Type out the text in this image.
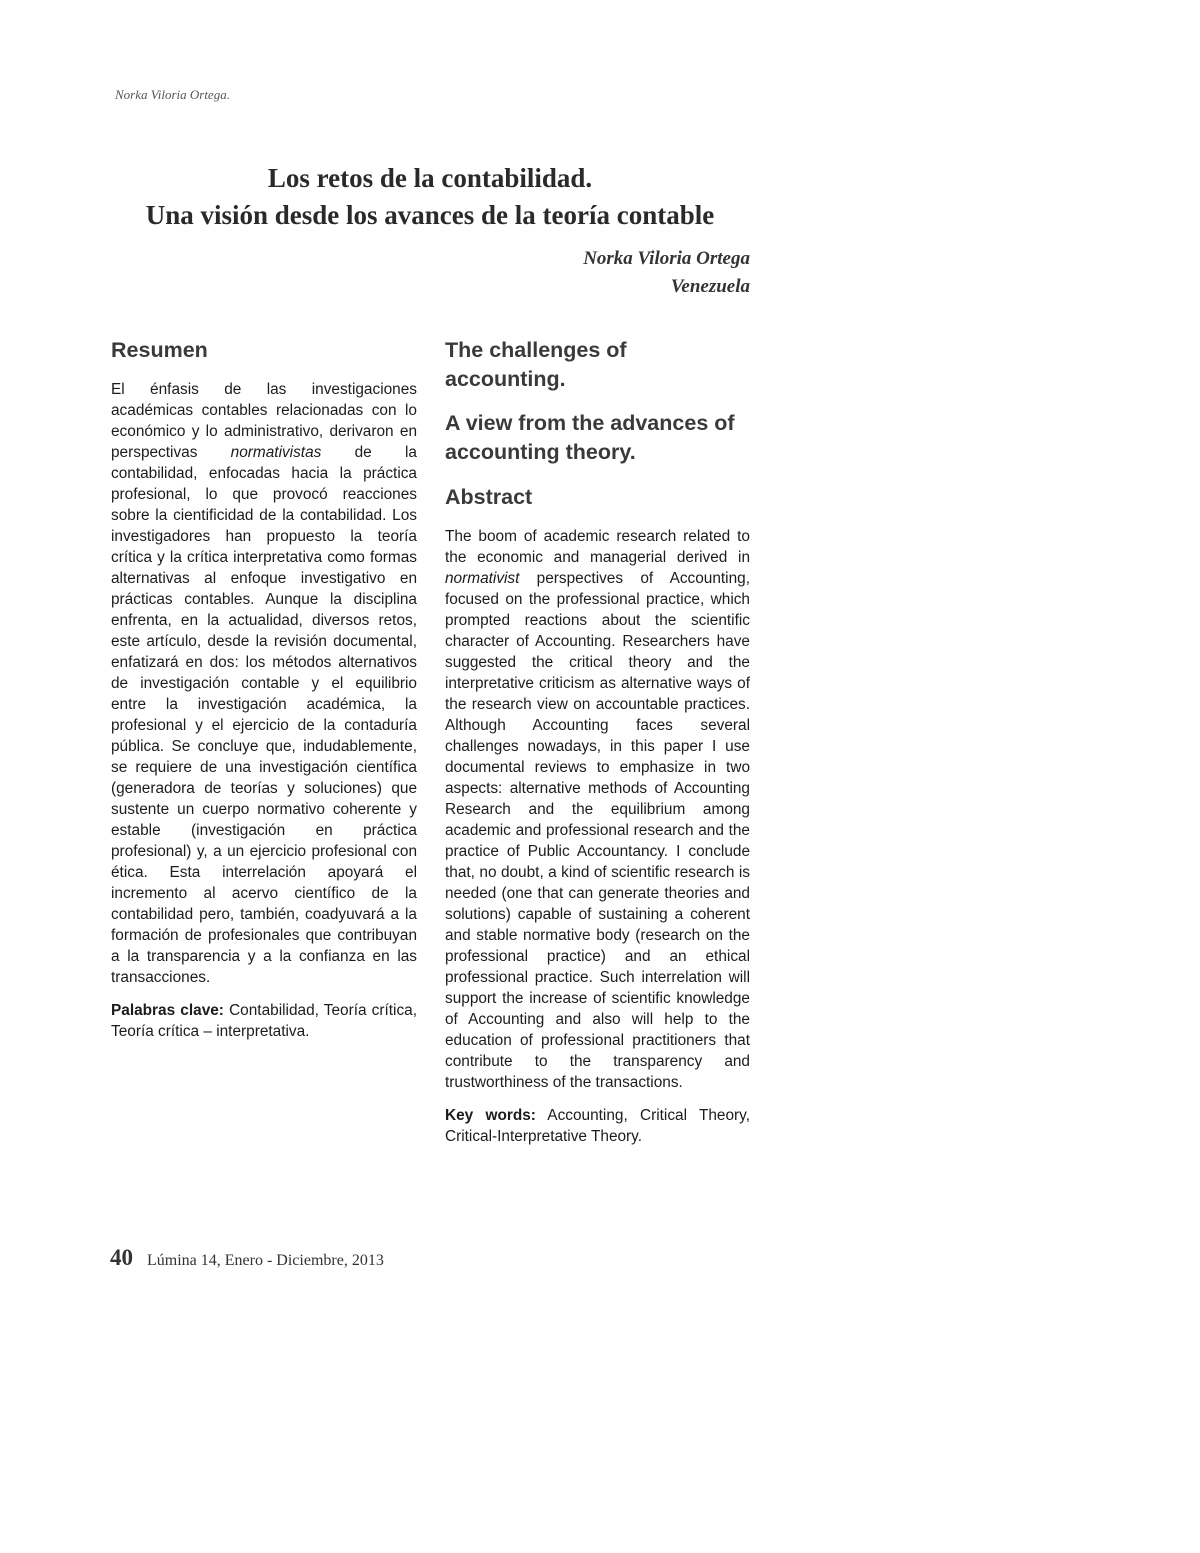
Norka Viloria Ortega.
Los retos de la contabilidad.
Una visión desde los avances de la teoría contable
Norka Viloria Ortega
Venezuela
Resumen

El énfasis de las investigaciones académicas contables relacionadas con lo económico y lo administrativo, derivaron en perspectivas normativistas de la contabilidad, enfocadas hacia la práctica profesional, lo que provocó reacciones sobre la cientificidad de la contabilidad. Los investigadores han propuesto la teoría crítica y la crítica interpretativa como formas alternativas al enfoque investigativo en prácticas contables. Aunque la disciplina enfrenta, en la actualidad, diversos retos, este artículo, desde la revisión documental, enfatizará en dos: los métodos alternativos de investigación contable y el equilibrio entre la investigación académica, la profesional y el ejercicio de la contaduría pública. Se concluye que, indudablemente, se requiere de una investigación científica (generadora de teorías y soluciones) que sustente un cuerpo normativo coherente y estable (investigación en práctica profesional) y, a un ejercicio profesional con ética. Esta interrelación apoyará el incremento al acervo científico de la contabilidad pero, también, coadyuvará a la formación de profesionales que contribuyan a la transparencia y a la confianza en las transacciones.

Palabras clave: Contabilidad, Teoría crítica, Teoría crítica – interpretativa.

The challenges of accounting.
A view from the advances of accounting theory.
Abstract

The boom of academic research related to the economic and managerial derived in normativist perspectives of Accounting, focused on the professional practice, which prompted reactions about the scientific character of Accounting. Researchers have suggested the critical theory and the interpretative criticism as alternative ways of the research view on accountable practices. Although Accounting faces several challenges nowadays, in this paper I use documental reviews to emphasize in two aspects: alternative methods of Accounting Research and the equilibrium among academic and professional research and the practice of Public Accountancy. I conclude that, no doubt, a kind of scientific research is needed (one that can generate theories and solutions) capable of sustaining a coherent and stable normative body (research on the professional practice) and an ethical professional practice. Such interrelation will support the increase of scientific knowledge of Accounting and also will help to the education of professional practitioners that contribute to the transparency and trustworthiness of the transactions.

Key words: Accounting, Critical Theory, Critical-Interpretative Theory.

40 Lúmina 14, Enero - Diciembre, 2013
